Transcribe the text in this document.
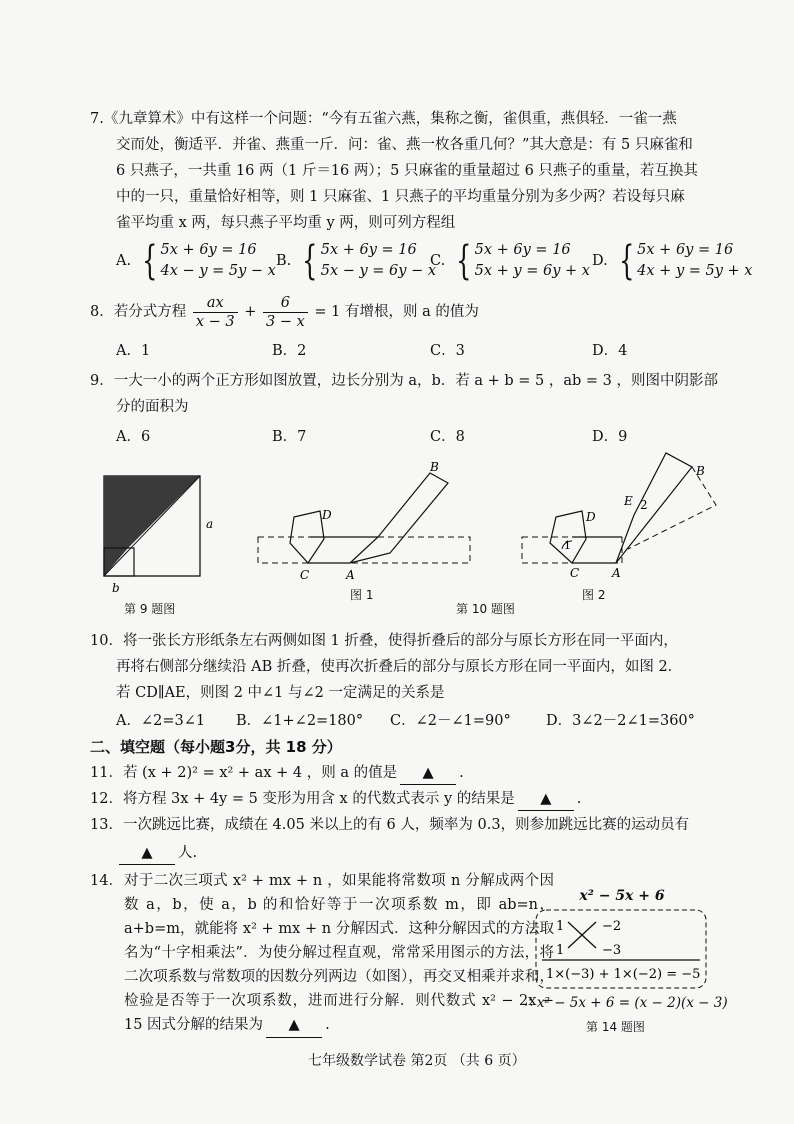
7.《九章算术》中有这样一个问题：“今有五雀六燕，集称之衡，雀俱重，燕俱轻．一雀一燕
交而处，衡适平．并雀、燕重一斤．问：雀、燕一枚各重几何？”其大意是：有 5 只麻雀和
6 只燕子，一共重 16 两（1 斤＝16 两）；5 只麻雀的重量超过 6 只燕子的重量，若互换其
中的一只，重量恰好相等，则 1 只麻雀、1 只燕子的平均重量分别为多少两？若设每只麻
雀平均重 x 两，每只燕子平均重 y 两，则可列方程组
A. { 5x + 6y = 16
4x − y = 5y − x
B. { 5x + 6y = 16
5x − y = 6y − x
C. { 5x + 6y = 16
5x + y = 6y + x
D. { 5x + 6y = 16
4x + y = 5y + x
8．若分式方程 $\frac{ax}{x - 3} + \frac{6}{3 - x} = 1$ 有增根，则 a 的值为
A．1	B．2	C．3	D．4
9．一大一小的两个正方形如图放置，边长分别为 a，b．若 a + b = 5 ，ab = 3 ，则图中阴影部
分的面积为
A．6	B．7	C．8	D．9
a
b
第 9 题图
B
D
C	A
图 1
第 10 题图
B
E 2
D
1
C	A
图 2
10．将一张长方形纸条左右两侧如图 1 折叠，使得折叠后的部分与原长方形在同一平面内，
再将右侧部分继续沿 AB 折叠，使再次折叠后的部分与原长方形在同一平面内，如图 2．
若 CD∥AE，则图 2 中∠1 与∠2 一定满足的关系是
A．∠2=3∠1 B．∠1+∠2=180° C．∠2－∠1=90° D．3∠2－2∠1=360°
二、填空题（每小题3分，共 18 分）
11．若 (x + 2)² = x² + ax + 4 ，则 a 的值是 ▲ .
12．将方程 3x + 4y = 5 变形为用含 x 的代数式表示 y 的结果是 ▲ .
13．一次跳远比赛，成绩在 4.05 米以上的有 6 人，频率为 0.3，则参加跳远比赛的运动员有
▲ 人.
14． 对于二次三项式 x² + mx + n ，如果能将常数项 n 分解成两个因数 a，b，使 a，b 的和恰好等于一次项系数 m，即 ab=n，a+b=m，就能将 x² + mx + n 分解因式．这种分解因式的方法取名为“十字相乘法”．为使分解过程直观，常常采用图示的方法，将二次项系数与常数项的因数分列两边（如图），再交叉相乘并求和，检验是否等于一次项系数，进而进行分解．则代数式 x² − 2x − 15 因式分解的结果为 ▲ .
x² − 5x + 6
1
1
−2
−3
1×(−3) + 1×(−2) = −5
∴ x² − 5x + 6 = (x − 2)(x − 3)
第 14 题图
七年级数学试卷 第2页 （共 6 页）
